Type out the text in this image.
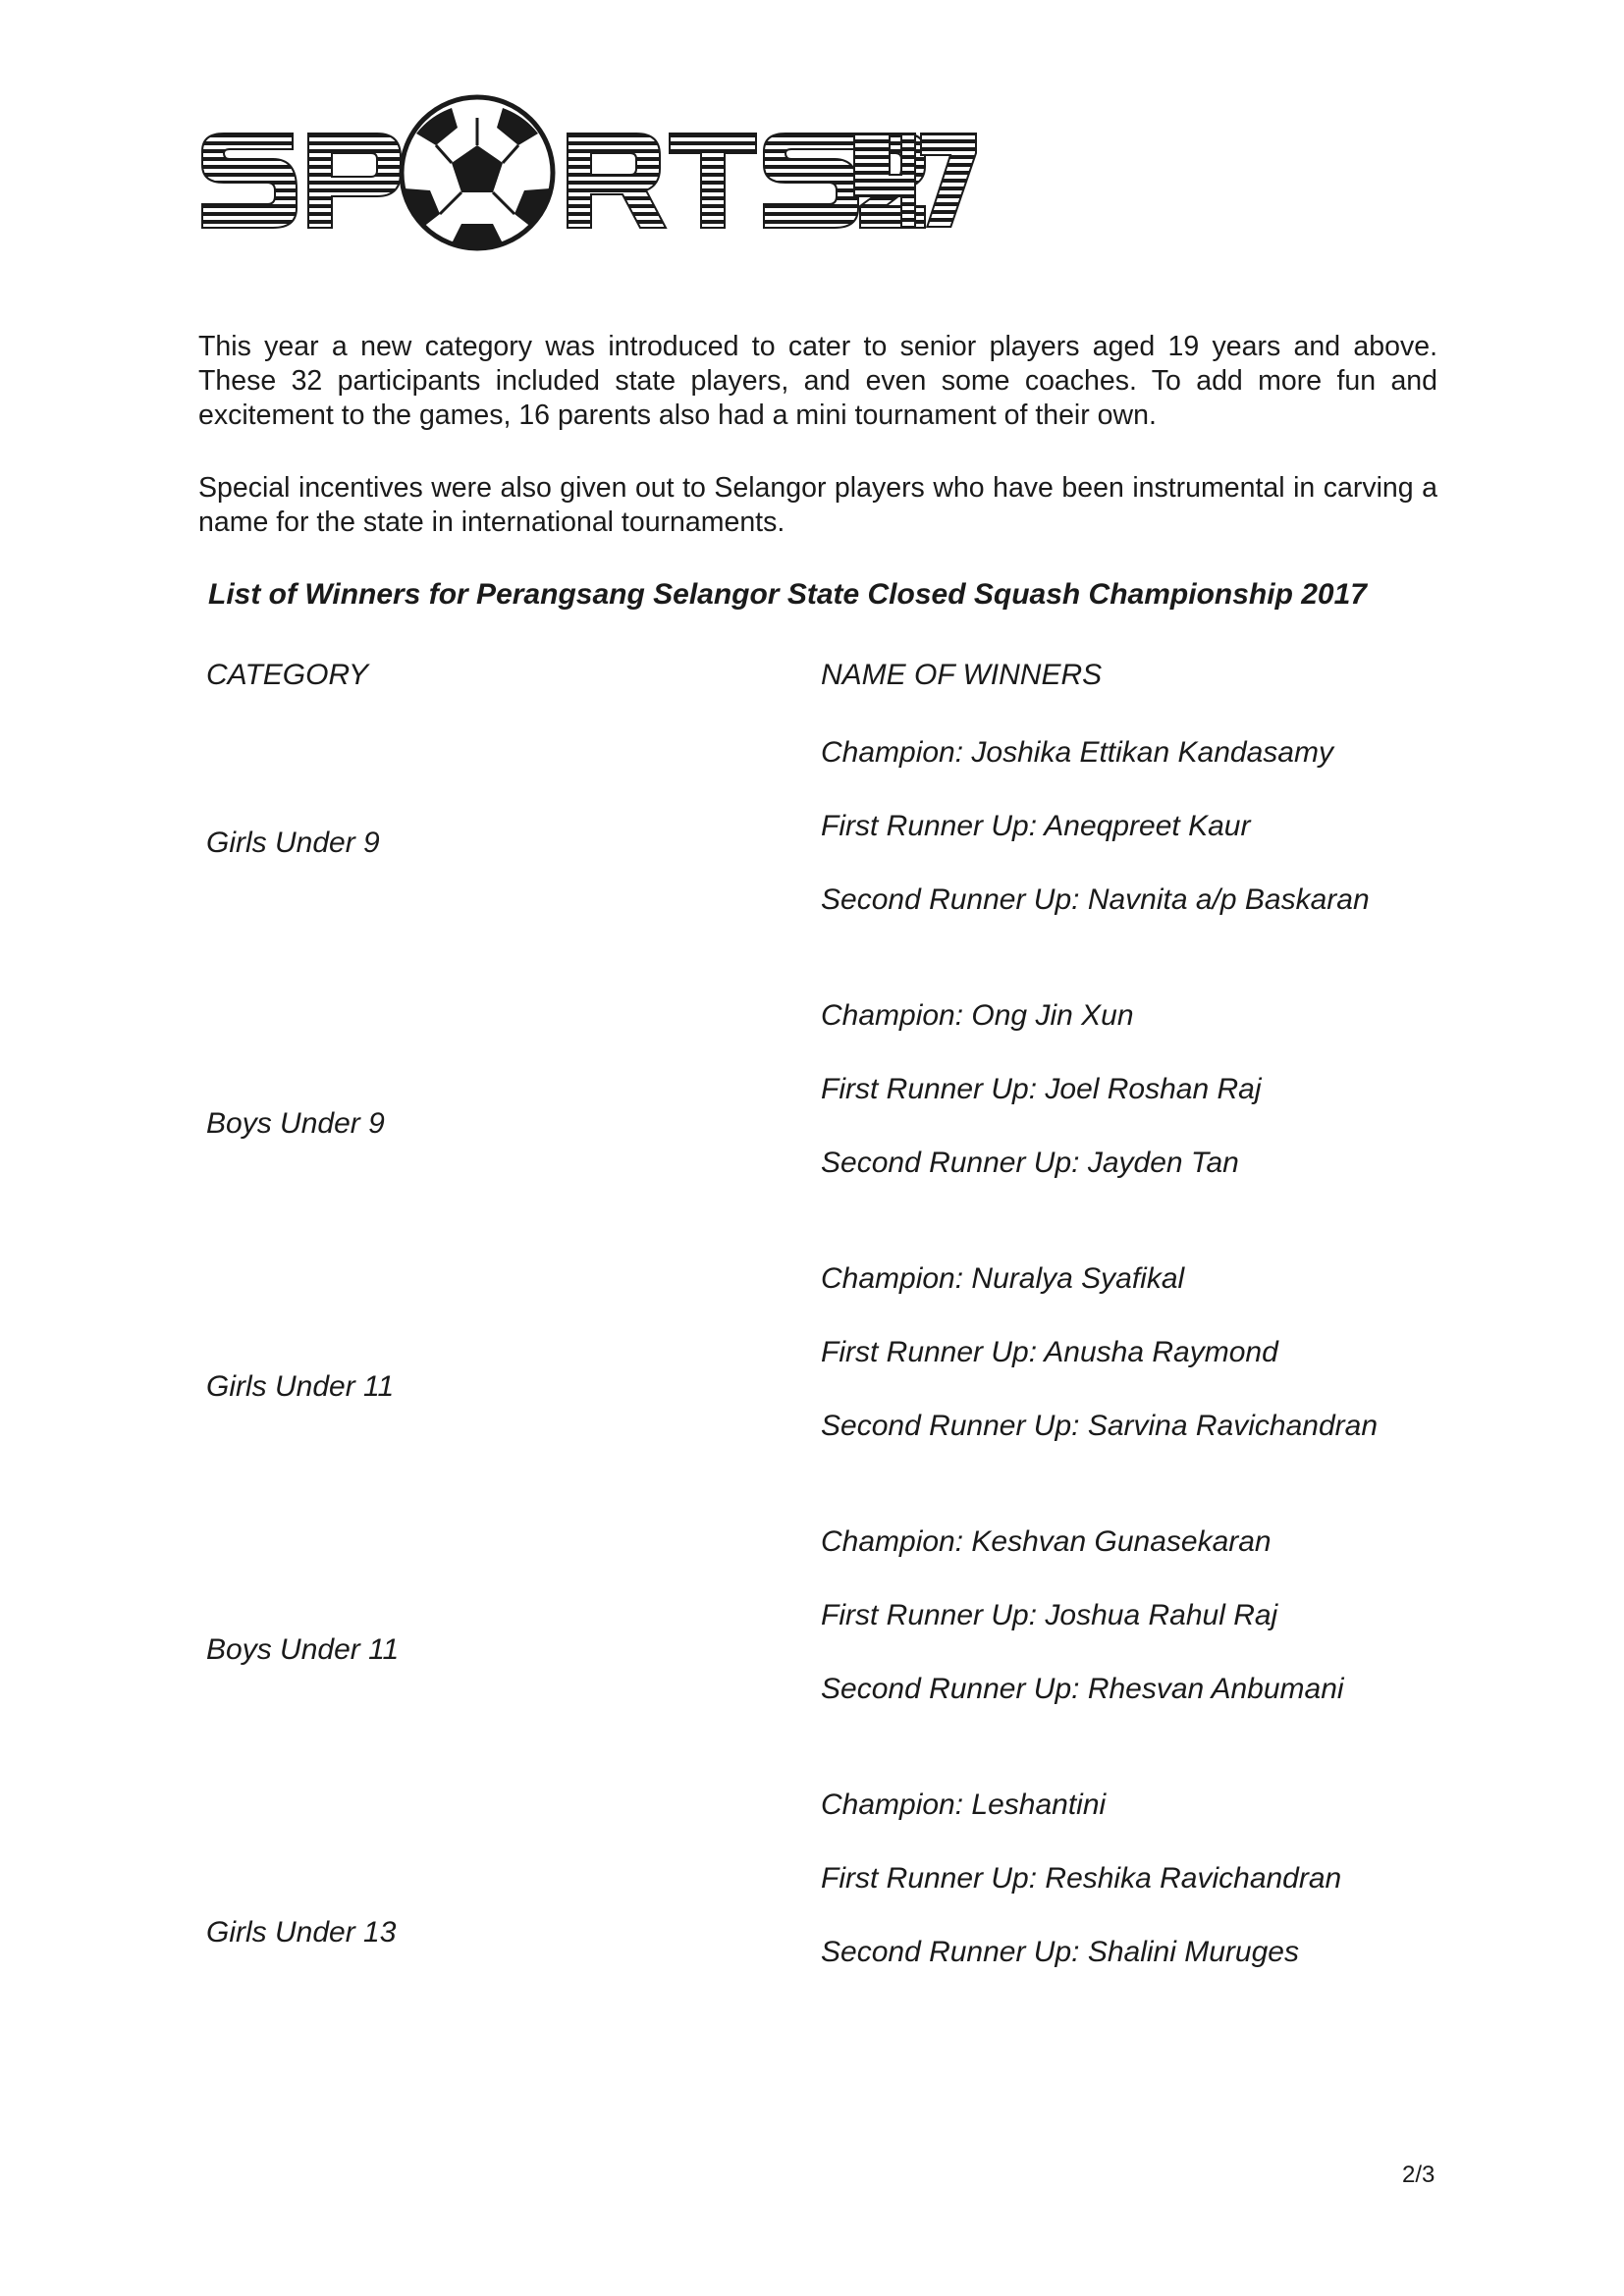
This year a new category was introduced to cater to senior players aged 19 years and above. These 32 participants included state players, and even some coaches. To add more fun and excitement to the games, 16 parents also had a mini tournament of their own.

Special incentives were also given out to Selangor players who have been instrumental in carving a name for the state in international tournaments.

List of Winners for Perangsang Selangor State Closed Squash Championship 2017

CATEGORY	NAME OF WINNERS
Girls Under 9
Champion: Joshika Ettikan Kandasamy
First Runner Up: Aneqpreet Kaur
Second Runner Up: Navnita a/p Baskaran
Boys Under 9
Champion: Ong Jin Xun
First Runner Up: Joel Roshan Raj
Second Runner Up: Jayden Tan
Girls Under 11
Champion: Nuralya Syafikal
First Runner Up: Anusha Raymond
Second Runner Up: Sarvina Ravichandran
Boys Under 11
Champion: Keshvan Gunasekaran
First Runner Up: Joshua Rahul Raj
Second Runner Up: Rhesvan Anbumani
Girls Under 13
Champion: Leshantini
First Runner Up: Reshika Ravichandran
Second Runner Up: Shalini Muruges
2/3
